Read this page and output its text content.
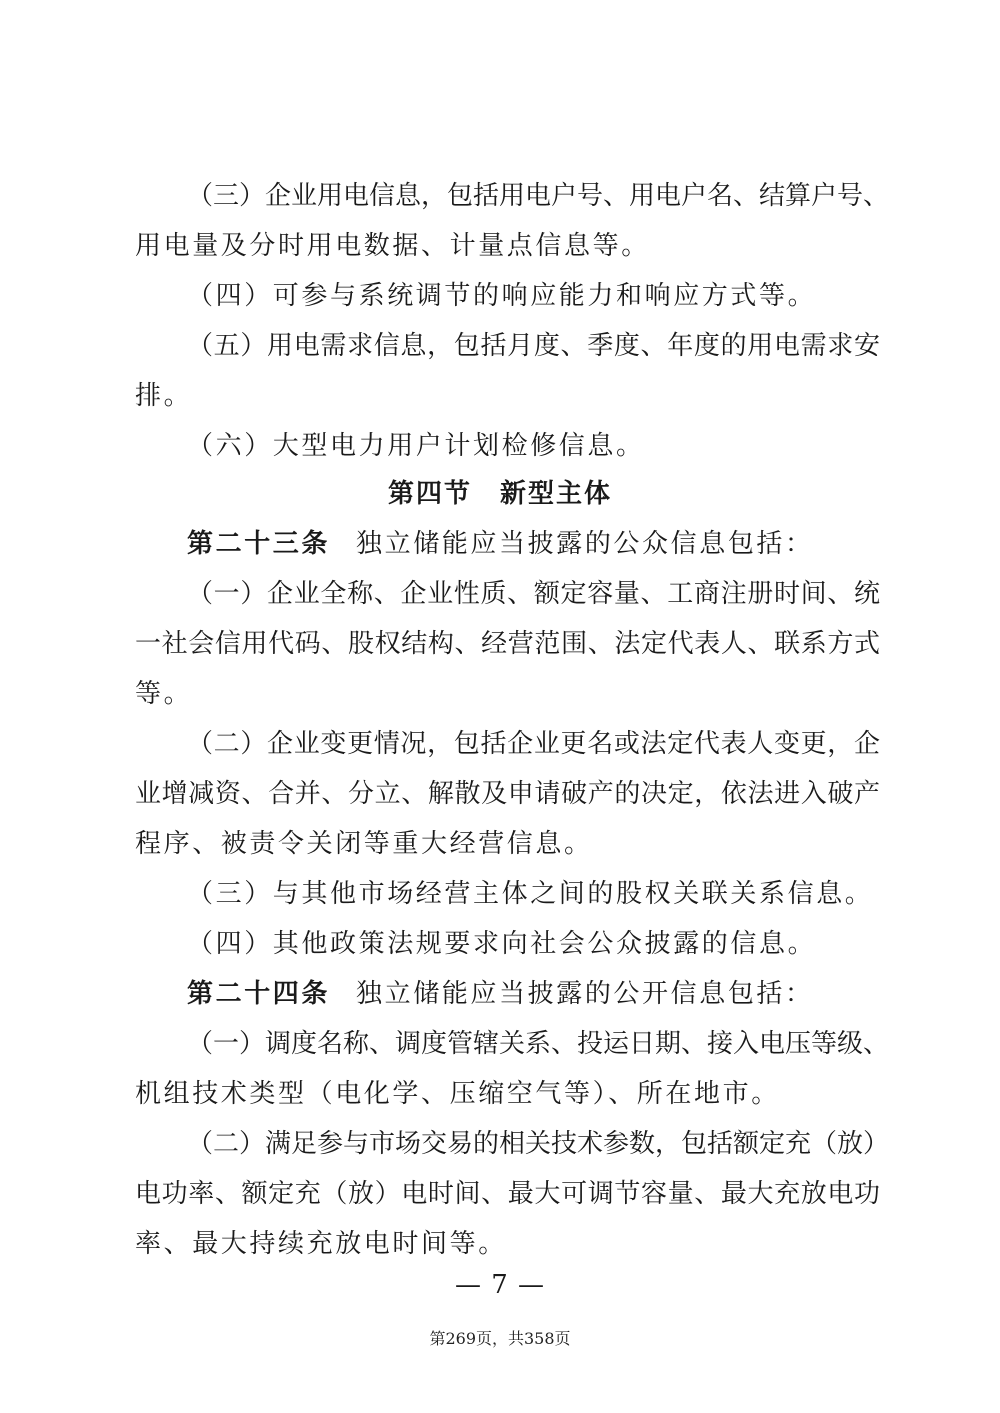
（三）企业用电信息，包括用电户号、用电户名、结算户号、
用电量及分时用电数据、计量点信息等。
（四）可参与系统调节的响应能力和响应方式等。
（五）用电需求信息，包括月度、季度、年度的用电需求安
排。
（六）大型电力用户计划检修信息。
第四节 新型主体
第二十三条 独立储能应当披露的公众信息包括：
（一）企业全称、企业性质、额定容量、工商注册时间、统
一社会信用代码、股权结构、经营范围、法定代表人、联系方式
等。
（二）企业变更情况，包括企业更名或法定代表人变更，企
业增减资、合并、分立、解散及申请破产的决定，依法进入破产
程序、被责令关闭等重大经营信息。
（三）与其他市场经营主体之间的股权关联关系信息。
（四）其他政策法规要求向社会公众披露的信息。
第二十四条 独立储能应当披露的公开信息包括：
（一）调度名称、调度管辖关系、投运日期、接入电压等级、
机组技术类型（电化学、压缩空气等）、所在地市。
（二）满足参与市场交易的相关技术参数，包括额定充（放）
电功率、额定充（放）电时间、最大可调节容量、最大充放电功
率、最大持续充放电时间等。
— 7 —
第269页，共358页
